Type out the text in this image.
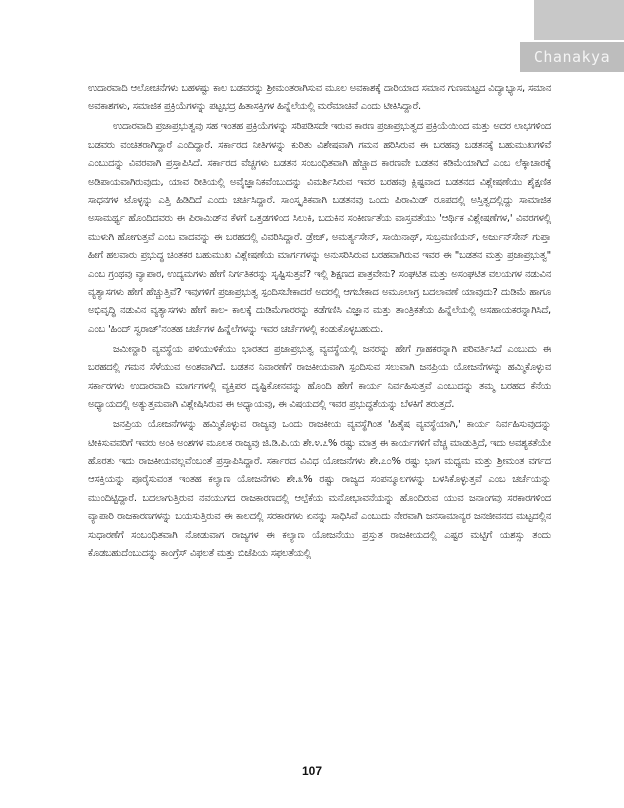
Chanakya

ಉದಾರವಾದಿ ಆಲೋಚನೆಗಳು ಬಹಳಷ್ಟು ಕಾಲ ಬಡವರನ್ನು ಶ್ರೀಮಂತರಾಗಿಸುವ ಮೂಲ ಅವಕಾಶಕ್ಕೆ ದಾರಿಯಾದ ಸಮಾನ ಗುಣಮಟ್ಟದ ವಿದ್ಯಾಭ್ಯಾಸ, ಸಮಾನ ಅವಕಾಶಗಳು, ಸಮಾಜಿಕ ಪ್ರಕ್ರಿಯೆಗಳನ್ನು ಪಟ್ಟಭದ್ರ ಹಿತಾಸಕ್ತಿಗಳ ಹಿನ್ನೆಲೆಯಲ್ಲಿ ಮರೆಮಾಚಿವೆ ಎಂದು ಟೀಕಿಸಿದ್ದಾರೆ.

ಉದಾರವಾದಿ ಪ್ರಜಾಪ್ರಭುತ್ವವು ಸಹ ಇಂತಹ ಪ್ರಕ್ರಿಯೆಗಳನ್ನು ಸರಿಪಡಿಸದೇ ಇರುವ ಕಾರಣ ಪ್ರಜಾಪ್ರಭುತ್ವದ ಪ್ರಕ್ರಿಯೆಯಿಂದ ಮತ್ತು ಅದರ ಲಾಭಗಳಿಂದ ಬಡವರು ವಂಚಿತರಾಗಿದ್ದಾರೆ ಎಂದಿದ್ದಾರೆ. ಸರ್ಕಾರದ ನೀತಿಗಳನ್ನು ಕುರಿತು ವಿಶೇಷವಾಗಿ ಗಮನ ಹರಿಸಿರುವ ಈ ಬರಹವು ಬಡತನಕ್ಕೆ ಬಹುಮುಖಗಳಿವೆ ಎಂಬುದನ್ನು ವಿವರವಾಗಿ ಪ್ರಸ್ತಾಪಿಸಿದೆ. ಸರ್ಕಾರದ ವೆಚ್ಚಗಳು ಬಡತನ ಸಂಬಂಧಿತವಾಗಿ ಹೆಚ್ಚಾದ ಕಾರಣವೇ ಬಡತನ ಕಡಿಮೆಯಾಗಿದೆ ಎಂಬ ಲೆಕ್ಕಾಚಾರಕ್ಕೆ ಅಡಿಪಾಯವಾಗಿರುವುದು, ಯಾವ ರೀತಿಯಲ್ಲಿ ಅವೈಜ್ಞಾನಿಕವೆಂಬುದನ್ನು ವಿಮರ್ಶಿಸಿರುವ ಇವರ ಬರಹವು ಕ್ಲಿಷ್ಟವಾದ ಬಡತನದ ವಿಶ್ಲೇಷಣೆಯು ಶೈಕ್ಷಣಿಕ ಸಾಧನಗಳ ಟೊಳ್ಳನ್ನು ಎತ್ತಿ ಹಿಡಿದಿದೆ ಎಂದು ಚರ್ಚಿಸಿದ್ದಾರೆ. ಸಾಂಸ್ಕೃತಿಕವಾಗಿ ಬಡತನವು ಒಂದು ಪಿರಾಮಿಡ್ ರೂಪದಲ್ಲಿ ಅಸ್ತಿತ್ವದಲ್ಲಿದ್ದು ಸಾಮಾಜಿಕ ಅಸಾಮರ್ಥ್ಯ ಹೊಂದಿದವರು ಈ ಪಿರಾಮಿಡ್‌ನ ಕೆಳಗೆ ಒತ್ತಡಗಳಿಂದ ಸಿಲುಕಿ, ಬದುಕಿನ ಸಂಕೀರ್ಣತೆಯ ವಾಸ್ತವತೆಯು 'ಆರ್ಥಿಕ ವಿಶ್ಲೇಷಣೆಗಳ,' ವಿವರಗಳಲ್ಲಿ ಮುಳುಗಿ ಹೋಗುತ್ತವೆ ಎಂಬ ವಾದವನ್ನು ಈ ಬರಹದಲ್ಲಿ ವಿವರಿಸಿದ್ದಾರೆ. ಡ್ರೇಜ್, ಅಮರ್ತ್ಯಸೇನ್, ಸಾಯಿನಾಥ್, ಸುಬ್ರಮಣಿಯನ್, ಅರ್ಜುನ್‌ಸೇನ್ ಗುಪ್ತಾ ಹೀಗೆ ಹಲವಾರು ಪ್ರಭುದ್ಧ ಚಿಂತಕರ ಬಹುಮುಖ ವಿಶ್ಲೇಷಣೆಯ ಮಾರ್ಗಗಳನ್ನು ಅನುಸರಿಸಿರುವ ಬರಹವಾಗಿರುವ ಇವರ ಈ "ಬಡತನ ಮತ್ತು ಪ್ರಜಾಪ್ರಭುತ್ವ" ಎಂಬ ಗ್ರಂಥವು ವ್ಯಾಪಾರ, ಉದ್ಯಮಗಳು ಹೇಗೆ ನಿರ್ಗತಿಕರನ್ನು ಸೃಷ್ಟಿಸುತ್ತವೆ? ಇಲ್ಲಿ ಶಿಕ್ಷಣದ ಪಾತ್ರವೇನು? ಸಂಘಟಿತ ಮತ್ತು ಅಸಂಘಟಿತ ವಲಯಗಳ ನಡುವಿನ ವ್ಯತ್ಯಾಸಗಳು ಹೇಗೆ ಹೆಚ್ಚುತ್ತಿವೆ? ಇವುಗಳಿಗೆ ಪ್ರಜಾಪ್ರಭುತ್ವ ಸ್ಪಂದಿಸಬೇಕಾದರೆ ಅದರಲ್ಲಿ ಆಗಬೇಕಾದ ಅಮೂಲಾಗ್ರ ಬದಲಾವಣೆ ಯಾವುದು? ದುಡಿಮೆ ಹಾಗೂ ಅಭಿವೃದ್ಧಿ ನಡುವಿನ ವ್ಯತ್ಯಾಸಗಳು ಹೇಗೆ ಕಾಲ- ಕಾಲಕ್ಕೆ ದುಡಿಮೆಗಾರರನ್ನು ಕಡೆಗಣಿಸಿ ವಿಜ್ಞಾನ ಮತ್ತು ತಾಂತ್ರಿಕತೆಯ ಹಿನ್ನೆಲೆಯಲ್ಲಿ ಅಸಹಾಯಕರನ್ನಾಗಿಸಿದೆ, ಎಂಬ 'ಹಿಂದ್ ಸ್ವರಾಜ್'ನಂತಹ ಚರ್ಚೆಗಳ ಹಿನ್ನೆಲೆಗಳನ್ನು ಇವರ ಚರ್ಚೆಗಳಲ್ಲಿ ಕಂಡುಕೊಳ್ಳಬಹುದು.

ಜಮೀನ್ದಾರಿ ವ್ಯವಸ್ಥೆಯ ಪಳಿಯುಳಿಕೆಯು ಭಾರತದ ಪ್ರಜಾಪ್ರಭುತ್ವ ವ್ಯವಸ್ಥೆಯಲ್ಲಿ ಜನರನ್ನು ಹೇಗೆ ಗ್ರಾಹಕರನ್ನಾಗಿ ಪರಿವರ್ತಿಸಿದೆ ಎಂಬುದು ಈ ಬರಹದಲ್ಲಿ ಗಮನ ಸೆಳೆಯುವ ಅಂಶವಾಗಿದೆ. ಬಡತನ ನಿವಾರಣೆಗೆ ರಾಜಕೀಯವಾಗಿ ಸ್ಪಂದಿಸುವ ಸಲುವಾಗಿ ಜನಪ್ರಿಯ ಯೋಜನೆಗಳನ್ನು ಹಮ್ಮಿಕೊಳ್ಳುವ ಸರ್ಕಾರಗಳು ಉದಾರವಾದಿ ಮಾರ್ಗಗಳಲ್ಲಿ ವ್ಯಕ್ತಿಪರ ದೃಷ್ಟಿಕೋನವನ್ನು ಹೊಂದಿ ಹೇಗೆ ಕಾರ್ಯ ನಿರ್ವಹಿಸುತ್ತವೆ ಎಂಬುದನ್ನು ತಮ್ಮ ಬರಹದ ಕೆನೆಯ ಅಧ್ಯಾಯದಲ್ಲಿ ಅತ್ಯುತ್ತಮವಾಗಿ ವಿಶ್ಲೇಷಿಸಿರುವ ಈ ಅಧ್ಯಾಯವು, ಈ ವಿಷಯದಲ್ಲಿ ಇವರ ಪ್ರಭುದ್ಧತೆಯನ್ನು ಬೆಳಕಿಗೆ ತರುತ್ತದೆ.

ಜನಪ್ರಿಯ ಯೋಜನೆಗಳನ್ನು ಹಮ್ಮಿಕೊಳ್ಳುವ ರಾಜ್ಯವು ಒಂದು ರಾಜಕೀಯ ವ್ಯವಸ್ಥೆಗಿಂತ 'ಹಿತೈಷ ವ್ಯವಸ್ಥೆಯಾಗಿ,' ಕಾರ್ಯ ನಿರ್ವಹಿಸುವುದನ್ನು ಟೀಕಿಸುವವರಿಗೆ ಇವರು ಅಂಕಿ ಅಂಶಗಳ ಮೂಲಕ ರಾಜ್ಯವು ಜಿ.ಡಿ.ಪಿ.ಯ ಶೇ.೪.೭% ರಷ್ಟು ಮಾತ್ರ ಈ ಕಾರ್ಯಗಳಿಗೆ ವೆಚ್ಚ ಮಾಡುತ್ತಿದೆ, ಇದು ಅವಶ್ಯಕತೆಯೇ ಹೊರತು ಇದು ರಾಜಕೀಯವಲ್ಲವೆಂಬಂತೆ ಪ್ರಸ್ತಾಪಿಸಿದ್ದಾರೆ. ಸರ್ಕಾರದ ವಿವಿಧ ಯೋಜನೆಗಳು ಶೇ.೭೦% ರಷ್ಟು ಭಾಗ ಮಧ್ಯಮ ಮತ್ತು ಶ್ರೀಮಂತ ವರ್ಗದ ಆಸಕ್ತಿಯನ್ನು ಪೂರೈಸುವಂತ ಇಂತಹ ಕಲ್ಯಾಣ ಯೋಜನೆಗಳು ಶೇ.೩% ರಷ್ಟು ರಾಜ್ಯದ ಸಂಪನ್ಮೂಲಗಳನ್ನು ಬಳಸಿಕೊಳ್ಳುತ್ತವೆ ಎಂಬ ಚರ್ಚೆಯನ್ನು ಮುಂದಿಟ್ಟಿದ್ದಾರೆ. ಬದಲಾಗುತ್ತಿರುವ ನವಯುಗದ ರಾಜಕಾರಣದಲ್ಲಿ ಆಲ್ಪೆಕೆಯ ಮನೋಭಾವನೆಯನ್ನು ಹೊಂದಿರುವ ಯುವ ಜನಾಂಗವು ಸರಕಾರಗಳಿಂದ ವ್ಯಾಪಾರಿ ರಾಜಕಾರಣಗಳನ್ನು ಬಯಸುತ್ತಿರುವ ಈ ಕಾಲದಲ್ಲಿ ಸರಕಾರಗಳು ಏನನ್ನು ಸಾಧಿಸಿವೆ ಎಂಬುದು ನೇರವಾಗಿ ಜನಸಾಮಾನ್ಯರ ಜನಜೀವನದ ಮಟ್ಟದಲ್ಲಿನ ಸುಧಾರಣೆಗೆ ಸಂಬಂಧಿತವಾಗಿ ನೋಡುವಾಗ ರಾಜ್ಯಗಳ ಈ ಕಲ್ಯಾಣ ಯೋಜನೆಯು ಪ್ರಸ್ತುತ ರಾಜಕೀಯದಲ್ಲಿ ಎಷ್ಟರ ಮಟ್ಟಿಗೆ ಯಶಸ್ಸು ತಂದು ಕೊಡಬಹುದೆಂಬುದನ್ನು ಕಾಂಗ್ರೆಸ್ ವಿಫಲತೆ ಮತ್ತು ಬಿಜೆಪಿಯ ಸಫಲತೆಯಲ್ಲಿ

107
